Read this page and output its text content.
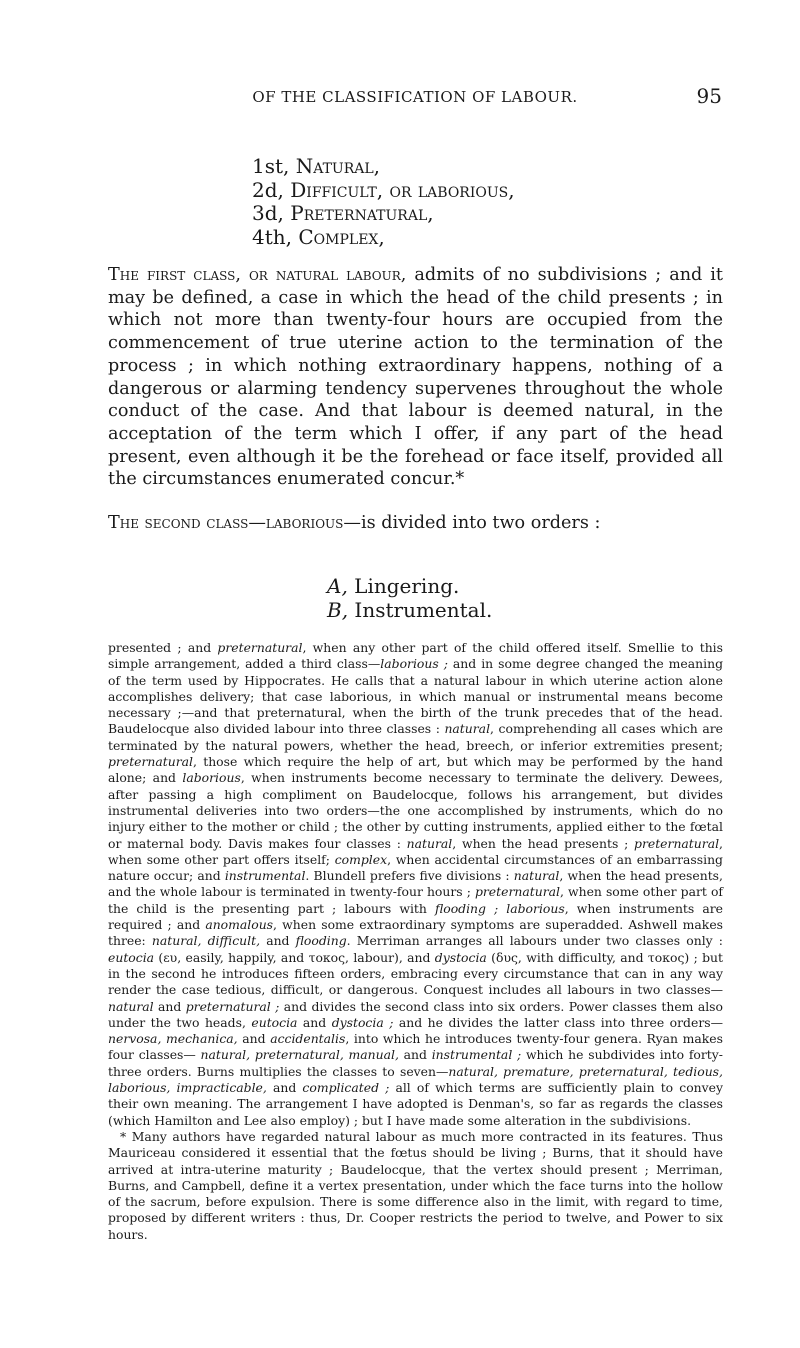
OF THE CLASSIFICATION OF LABOUR.	95
1st, Natural,
2d, Difficult, or laborious,
3d, Preternatural,
4th, Complex,

The first class, or natural labour, admits of no subdivisions ; and it may be defined, a case in which the head of the child presents ; in which not more than twenty-four hours are occupied from the commencement of true uterine action to the termination of the process ; in which nothing extraordinary happens, nothing of a dangerous or alarming tendency supervenes throughout the whole conduct of the case. And that labour is deemed natural, in the acceptation of the term which I offer, if any part of the head present, even although it be the forehead or face itself, provided all the circumstances enumerated concur.*

The second class—laborious—is divided into two orders :

A, Lingering.
B, Instrumental.

presented ; and preternatural, when any other part of the child offered itself. Smellie to this simple arrangement, added a third class—laborious ; and in some degree changed the meaning of the term used by Hippocrates. He calls that a natural labour in which uterine action alone accomplishes delivery; that case laborious, in which manual or instrumental means become necessary ;—and that preternatural, when the birth of the trunk precedes that of the head. Baudelocque also divided labour into three classes : natural, comprehending all cases which are terminated by the natural powers, whether the head, breech, or inferior extremities present; preternatural, those which require the help of art, but which may be performed by the hand alone; and laborious, when instruments become necessary to terminate the delivery. Dewees, after passing a high compliment on Baudelocque, follows his arrangement, but divides instrumental deliveries into two orders—the one accomplished by instruments, which do no injury either to the mother or child ; the other by cutting instruments, applied either to the fœtal or maternal body. Davis makes four classes : natural, when the head presents ; preternatural, when some other part offers itself; complex, when accidental circumstances of an embarrassing nature occur; and instrumental. Blundell prefers five divisions : natural, when the head presents, and the whole labour is terminated in twenty-four hours ; preternatural, when some other part of the child is the presenting part ; labours with flooding ; laborious, when instruments are required ; and anomalous, when some extraordinary symptoms are superadded. Ashwell makes three: natural, difficult, and flooding. Merriman arranges all labours under two classes only : eutocia (ευ, easily, happily, and τοκος, labour), and dystocia (δυς, with difficulty, and τοκος) ; but in the second he introduces fifteen orders, embracing every circumstance that can in any way render the case tedious, difficult, or dangerous. Conquest includes all labours in two classes—natural and preternatural ; and divides the second class into six orders. Power classes them also under the two heads, eutocia and dystocia ; and he divides the latter class into three orders—nervosa, mechanica, and accidentalis, into which he introduces twenty-four genera. Ryan makes four classes— natural, preternatural, manual, and instrumental ; which he subdivides into forty-three orders. Burns multiplies the classes to seven—natural, premature, preternatural, tedious, laborious, impracticable, and complicated ; all of which terms are sufficiently plain to convey their own meaning. The arrangement I have adopted is Denman's, so far as regards the classes (which Hamilton and Lee also employ) ; but I have made some alteration in the subdivisions.

* Many authors have regarded natural labour as much more contracted in its features. Thus Mauriceau considered it essential that the fœtus should be living ; Burns, that it should have arrived at intra-uterine maturity ; Baudelocque, that the vertex should present ; Merriman, Burns, and Campbell, define it a vertex presentation, under which the face turns into the hollow of the sacrum, before expulsion. There is some difference also in the limit, with regard to time, proposed by different writers : thus, Dr. Cooper restricts the period to twelve, and Power to six hours.
